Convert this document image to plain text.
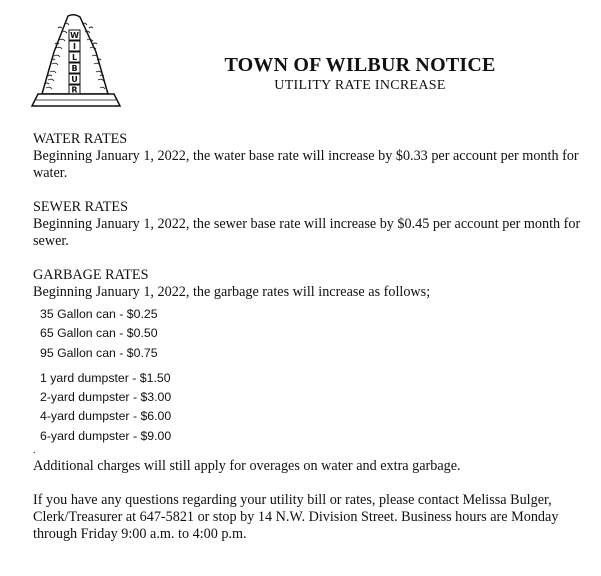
W
I
L
B
U
R
TOWN OF WILBUR NOTICE
UTILITY RATE INCREASE
WATER RATES
Beginning January 1, 2022, the water base rate will increase by $0.33 per account per month for water.
SEWER RATES
Beginning January 1, 2022, the sewer base rate will increase by $0.45 per account per month for sewer.
GARBAGE RATES
Beginning January 1, 2022, the garbage rates will increase as follows;
35 Gallon can - $0.25
65 Gallon can - $0.50
95 Gallon can - $0.75
1 yard dumpster - $1.50
2-yard dumpster - $3.00
4-yard dumpster - $6.00
6-yard dumpster - $9.00
.
Additional charges will still apply for overages on water and extra garbage.
If you have any questions regarding your utility bill or rates, please contact Melissa Bulger, Clerk/Treasurer at 647-5821 or stop by 14 N.W. Division Street. Business hours are Monday through Friday 9:00 a.m. to 4:00 p.m.
